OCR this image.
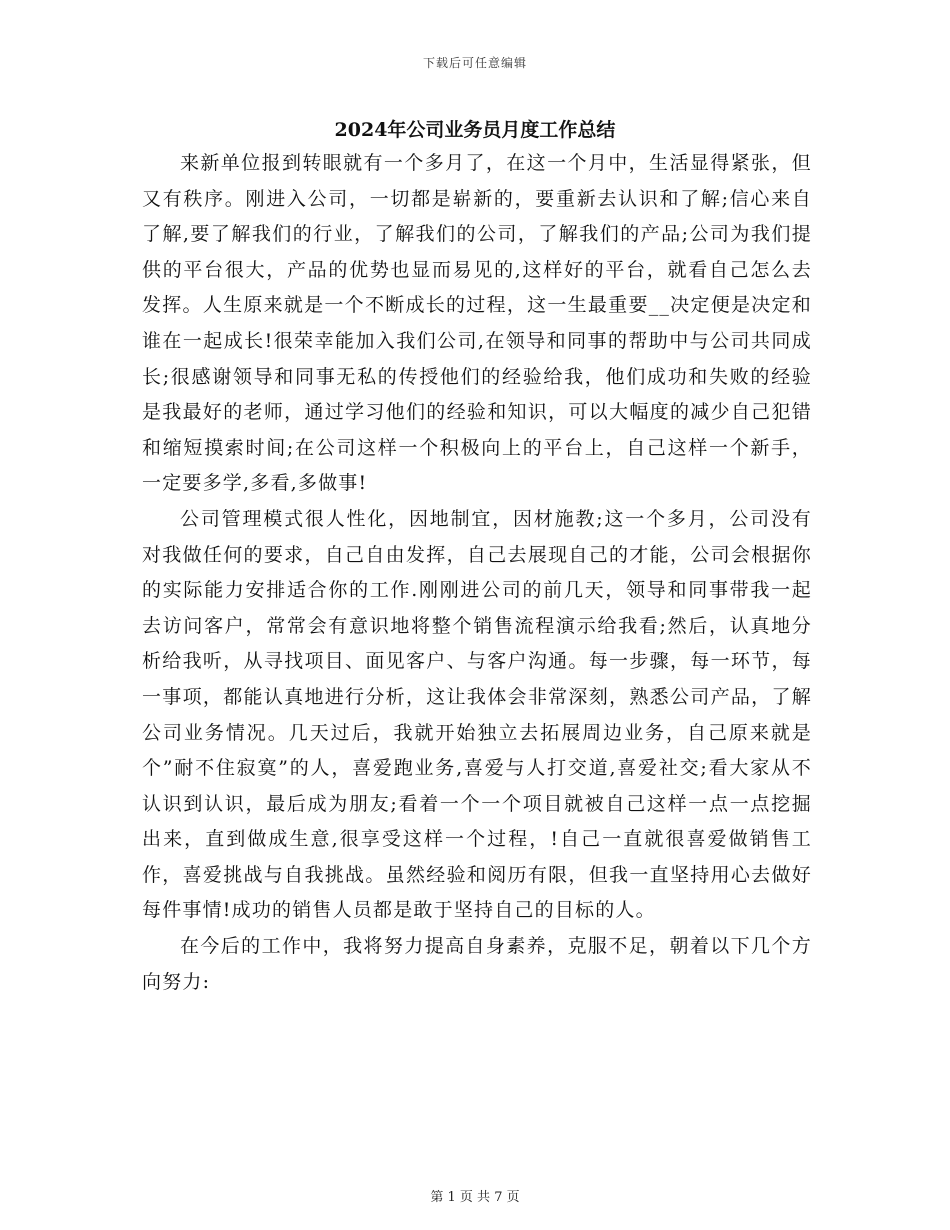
下载后可任意编辑
2024年公司业务员月度工作总结

来新单位报到转眼就有一个多月了，在这一个月中，生活显得紧张，但又有秩序。刚进入公司，一切都是崭新的，要重新去认识和了解;信心来自了解,要了解我们的行业，了解我们的公司，了解我们的产品;公司为我们提供的平台很大，产品的优势也显而易见的,这样好的平台，就看自己怎么去发挥。人生原来就是一个不断成长的过程，这一生最重要__决定便是决定和谁在一起成长!很荣幸能加入我们公司,在领导和同事的帮助中与公司共同成长;很感谢领导和同事无私的传授他们的经验给我，他们成功和失败的经验是我最好的老师，通过学习他们的经验和知识，可以大幅度的减少自己犯错和缩短摸索时间;在公司这样一个积极向上的平台上，自己这样一个新手，一定要多学,多看,多做事!

公司管理模式很人性化，因地制宜，因材施教;这一个多月，公司没有对我做任何的要求，自己自由发挥，自己去展现自己的才能，公司会根据你的实际能力安排适合你的工作.刚刚进公司的前几天，领导和同事带我一起去访问客户，常常会有意识地将整个销售流程演示给我看;然后，认真地分析给我听，从寻找项目、面见客户、与客户沟通。每一步骤，每一环节，每一事项，都能认真地进行分析，这让我体会非常深刻，熟悉公司产品，了解公司业务情况。几天过后，我就开始独立去拓展周边业务，自己原来就是个”耐不住寂寞”的人，喜爱跑业务,喜爱与人打交道,喜爱社交;看大家从不认识到认识，最后成为朋友;看着一个一个项目就被自己这样一点一点挖掘出来，直到做成生意,很享受这样一个过程，!自己一直就很喜爱做销售工作，喜爱挑战与自我挑战。虽然经验和阅历有限，但我一直坚持用心去做好每件事情!成功的销售人员都是敢于坚持自己的目标的人。

在今后的工作中，我将努力提高自身素养，克服不足，朝着以下几个方向努力:

第 1 页 共 7 页
